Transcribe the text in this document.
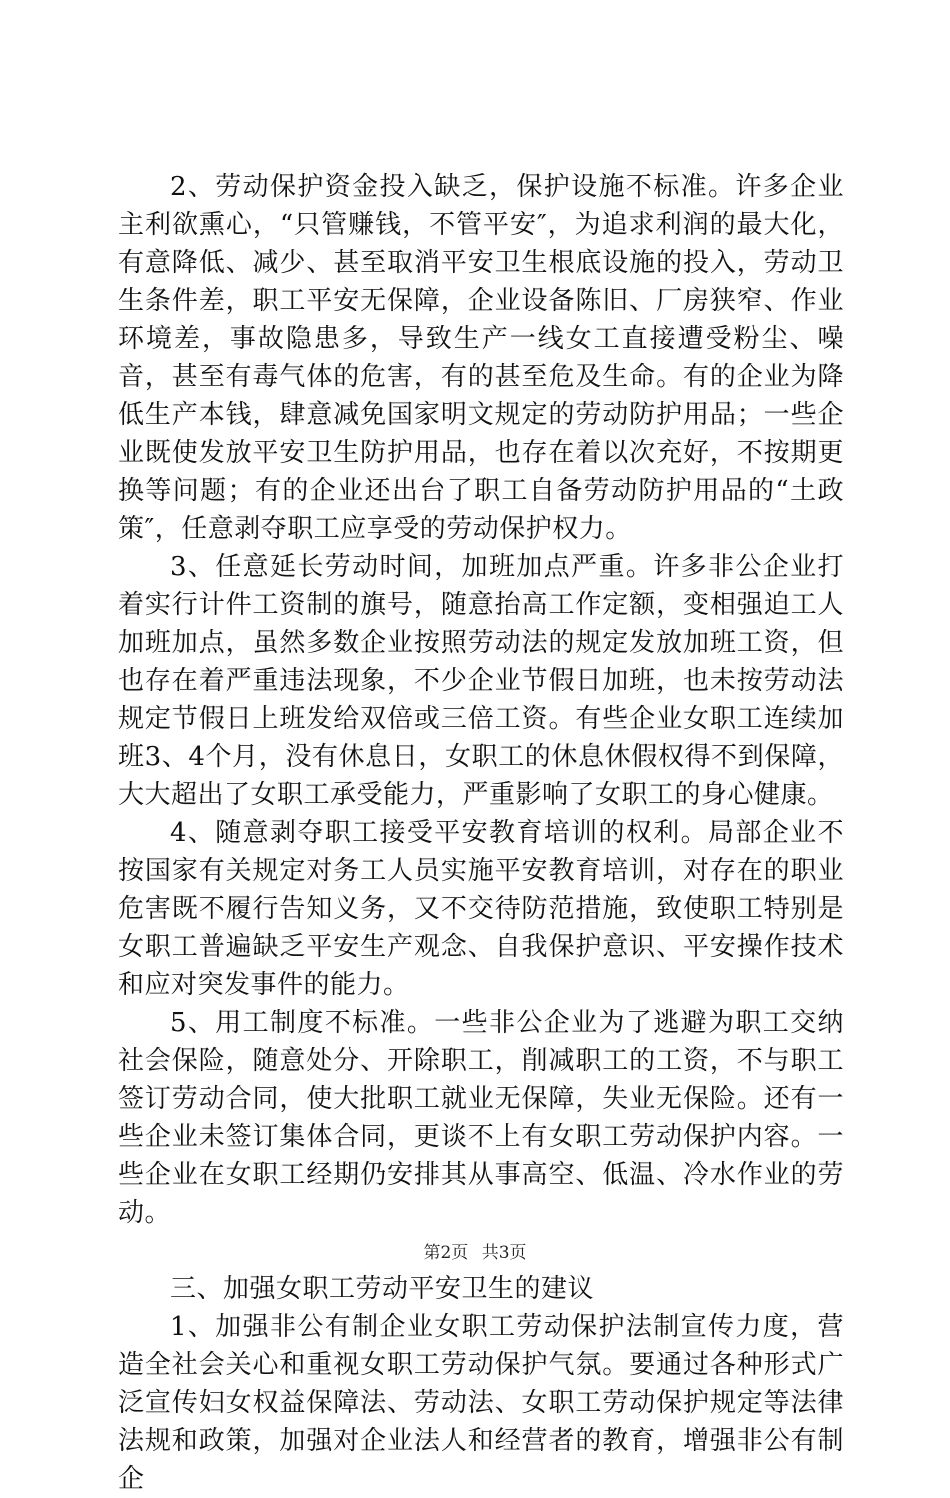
2、劳动保护资金投入缺乏，保护设施不标准。许多企业主利欲熏心，“只管赚钱，不管平安″，为追求利润的最大化，有意降低、减少、甚至取消平安卫生根底设施的投入，劳动卫生条件差，职工平安无保障，企业设备陈旧、厂房狭窄、作业环境差，事故隐患多，导致生产一线女工直接遭受粉尘、噪音，甚至有毒气体的危害，有的甚至危及生命。有的企业为降低生产本钱，肆意减免国家明文规定的劳动防护用品；一些企业既使发放平安卫生防护用品，也存在着以次充好，不按期更换等问题；有的企业还出台了职工自备劳动防护用品的“土政策″，任意剥夺职工应享受的劳动保护权力。

3、任意延长劳动时间，加班加点严重。许多非公企业打着实行计件工资制的旗号，随意抬高工作定额，变相强迫工人加班加点，虽然多数企业按照劳动法的规定发放加班工资，但也存在着严重违法现象，不少企业节假日加班，也未按劳动法规定节假日上班发给双倍或三倍工资。有些企业女职工连续加班3、4个月，没有休息日，女职工的休息休假权得不到保障，大大超出了女职工承受能力，严重影响了女职工的身心健康。

4、随意剥夺职工接受平安教育培训的权利。局部企业不按国家有关规定对务工人员实施平安教育培训，对存在的职业危害既不履行告知义务，又不交待防范措施，致使职工特别是女职工普遍缺乏平安生产观念、自我保护意识、平安操作技术和应对突发事件的能力。

5、用工制度不标准。一些非公企业为了逃避为职工交纳社会保险，随意处分、开除职工，削减职工的工资，不与职工签订劳动合同，使大批职工就业无保障，失业无保险。还有一些企业未签订集体合同，更谈不上有女职工劳动保护内容。一些企业在女职工经期仍安排其从事高空、低温、冷水作业的劳动。

三、加强女职工劳动平安卫生的建议

1、加强非公有制企业女职工劳动保护法制宣传力度，营造全社会关心和重视女职工劳动保护气氛。要通过各种形式广泛宣传妇女权益保障法、劳动法、女职工劳动保护规定等法律法规和政策，加强对企业法人和经营者的教育，增强非公有制企

第2页 共3页
